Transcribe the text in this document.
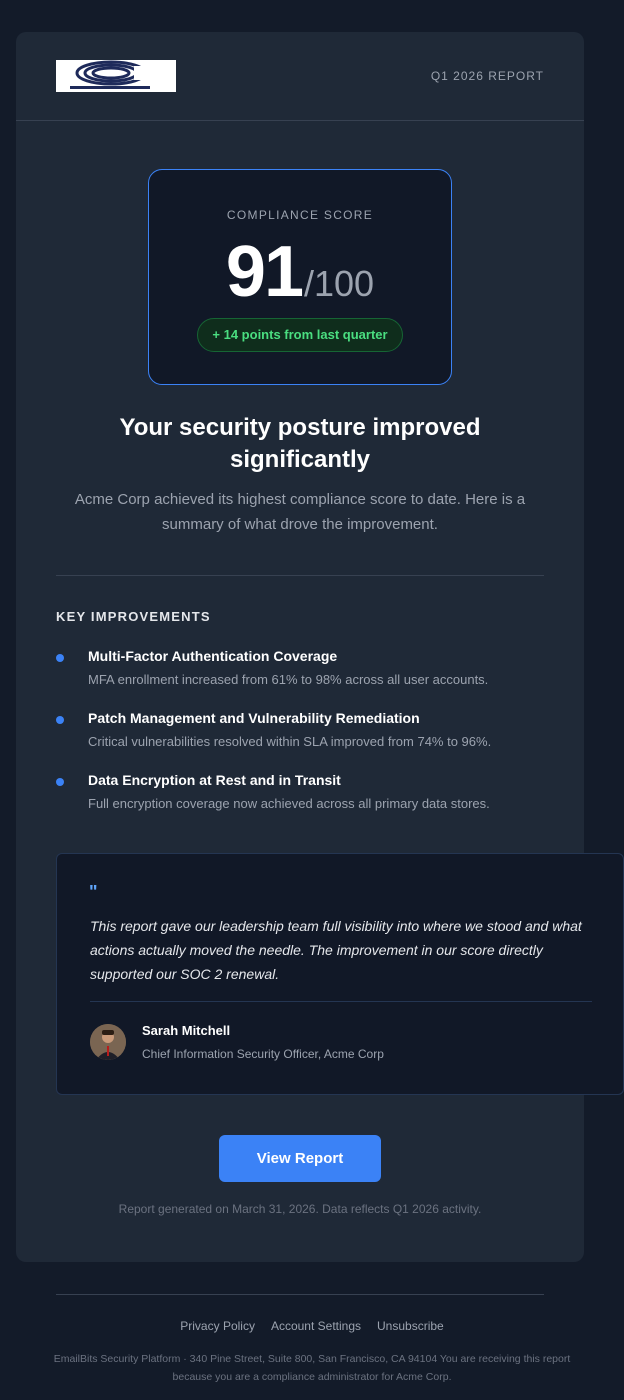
Q1 2026 REPORT
COMPLIANCE SCORE
91 /100
+ 14 points from last quarter
Your security posture improved significantly
Acme Corp achieved its highest compliance score to date. Here is a summary of what drove the improvement.
KEY IMPROVEMENTS
Multi-Factor Authentication Coverage
MFA enrollment increased from 61% to 98% across all user accounts.
Patch Management and Vulnerability Remediation
Critical vulnerabilities resolved within SLA improved from 74% to 96%.
Data Encryption at Rest and in Transit
Full encryption coverage now achieved across all primary data stores.
"
This report gave our leadership team full visibility into where we stood and what actions actually moved the needle. The improvement in our score directly supported our SOC 2 renewal.
Sarah Mitchell
Chief Information Security Officer, Acme Corp
View Report
Report generated on March 31, 2026. Data reflects Q1 2026 activity.
Privacy Policy Account Settings Unsubscribe
EmailBits Security Platform · 340 Pine Street, Suite 800, San Francisco, CA 94104 You are receiving this report because you are a compliance administrator for Acme Corp.
